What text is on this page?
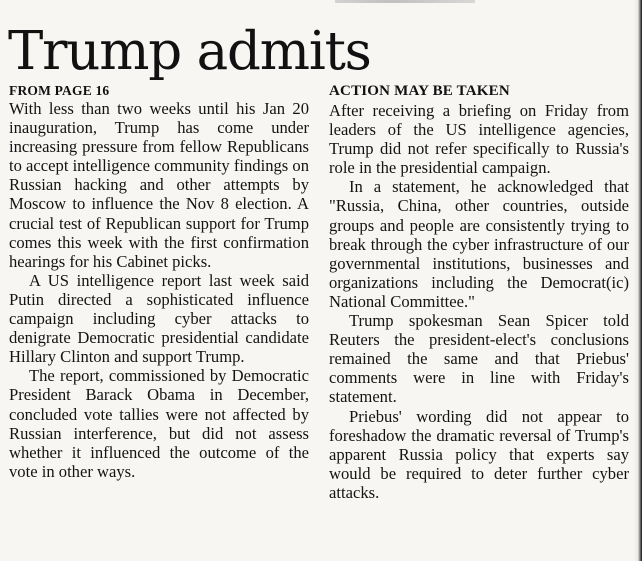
Trump admits

FROM PAGE 16

With less than two weeks until his Jan 20 inauguration, Trump has come under increasing pressure from fellow Republicans to accept intelligence community findings on Russian hacking and other attempts by Moscow to influence the Nov 8 election. A crucial test of Republican support for Trump comes this week with the first confirmation hearings for his Cabinet picks.

A US intelligence report last week said Putin directed a sophisticated influence campaign including cyber attacks to denigrate Democratic presidential candidate Hillary Clinton and support Trump.

The report, commissioned by Democratic President Barack Obama in December, concluded vote tallies were not affected by Russian interference, but did not assess whether it influenced the outcome of the vote in other ways.

ACTION MAY BE TAKEN

After receiving a briefing on Friday from leaders of the US intelligence agencies, Trump did not refer specifically to Russia's role in the presidential campaign.

In a statement, he acknowledged that "Russia, China, other countries, outside groups and people are consistently trying to break through the cyber infrastructure of our governmental institutions, businesses and organizations including the Democrat(ic) National Committee."

Trump spokesman Sean Spicer told Reuters the president-elect's conclusions remained the same and that Priebus' comments were in line with Friday's statement.

Priebus' wording did not appear to foreshadow the dramatic reversal of Trump's apparent Russia policy that experts say would be required to deter further cyber attacks.
